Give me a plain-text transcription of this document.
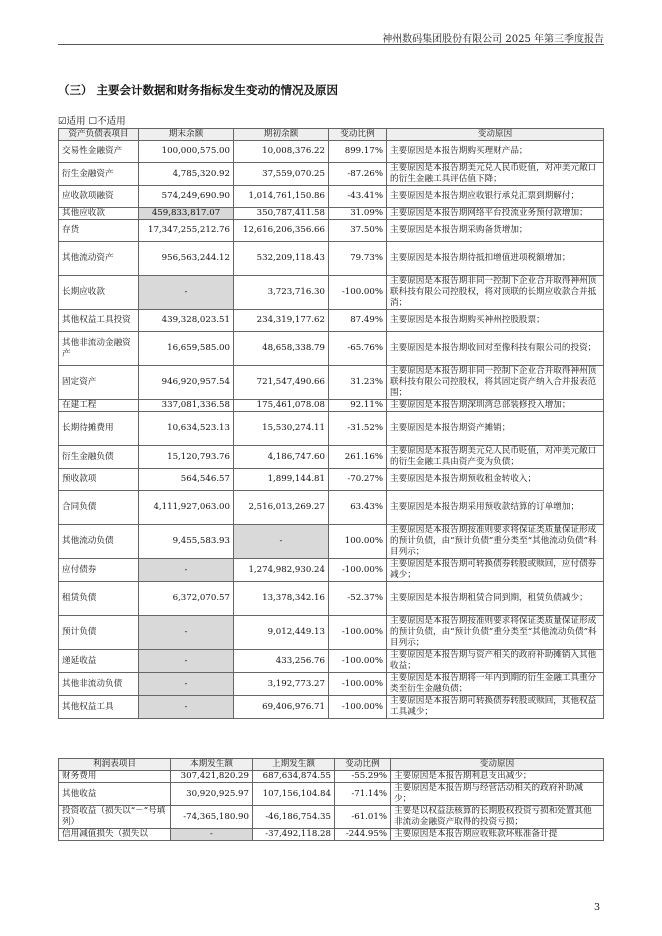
神州数码集团股份有限公司 2025 年第三季度报告
（三） 主要会计数据和财务指标发生变动的情况及原因
☑适用 ☐不适用
资产负债表项目	期末余额	期初余额	变动比例	变动原因
交易性金融资产	100,000,575.00	10,008,376.22	899.17%	主要原因是本报告期购买理财产品；
衍生金融资产	4,785,320.92	37,559,070.25	-87.26%	主要原因是本报告期美元兑人民币贬值，对冲美元敞口的衍生金融工具评估值下降；
应收款项融资	574,249,690.90	1,014,761,150.86	-43.41%	主要原因是本报告期应收银行承兑汇票到期解付；
其他应收款	459,833,817.07	350,787,411.58	31.09%	主要原因是本报告期网络平台投流业务预付款增加；
存货	17,347,255,212.76	12,616,206,356.66	37.50%	主要原因是本报告期采购备货增加；
其他流动资产	956,563,244.12	532,209,118.43	79.73%	主要原因是本报告期待抵扣增值进项税额增加；
长期应收款	-	3,723,716.30	-100.00%	主要原因是本报告期非同一控制下企业合并取得神州顶联科技有限公司控股权，将对顶联的长期应收款合并抵消；
其他权益工具投资	439,328,023.51	234,319,177.62	87.49%	主要原因是本报告期购买神州控股股票；
其他非流动金融资产	16,659,585.00	48,658,338.79	-65.76%	主要原因是本报告期收回对至像科技有限公司的投资；
固定资产	946,920,957.54	721,547,490.66	31.23%	主要原因是本报告期非同一控制下企业合并取得神州顶联科技有限公司控股权，将其固定资产纳入合并报表范围；
在建工程	337,081,336.58	175,461,078.08	92.11%	主要原因是本报告期深圳湾总部装修投入增加；
长期待摊费用	10,634,523.13	15,530,274.11	-31.52%	主要原因是本报告期资产摊销；
衍生金融负债	15,120,793.76	4,186,747.60	261.16%	主要原因是本报告期美元兑人民币贬值，对冲美元敞口的衍生金融工具由资产变为负债；
预收款项	564,546.57	1,899,144.81	-70.27%	主要原因是本报告期预收租金转收入；
合同负债	4,111,927,063.00	2,516,013,269.27	63.43%	主要原因是本报告期采用预收款结算的订单增加；
其他流动负债	9,455,583.93	-	100.00%	主要原因是本报告期按准则要求将保证类质量保证形成的预计负债，由“预计负债”重分类至“其他流动负债”科目列示；
应付债券	-	1,274,982,930.24	-100.00%	主要原因是本报告期可转换债券转股或赎回，应付债券减少；
租赁负债	6,372,070.57	13,378,342.16	-52.37%	主要原因是本报告期租赁合同到期，租赁负债减少；
预计负债	-	9,012,449.13	-100.00%	主要原因是本报告期按准则要求将保证类质量保证形成的预计负债，由“预计负债”重分类至“其他流动负债”科目列示；
递延收益	-	433,256.76	-100.00%	主要原因是本报告期与资产相关的政府补助摊销入其他收益；
其他非流动负债	-	3,192,773.27	-100.00%	主要原因是本报告期将一年内到期的衍生金融工具重分类至衍生金融负债；
其他权益工具	-	69,406,976.71	-100.00%	主要原因是本报告期可转换债券转股或赎回，其他权益工具减少；
利润表项目	本期发生额	上期发生额	变动比例	变动原因
财务费用	307,421,820.29	687,634,874.55	-55.29%	主要原因是本报告期利息支出减少；
其他收益	30,920,925.97	107,156,104.84	-71.14%	主要原因是本报告期与经营活动相关的政府补助减少；
投资收益（损失以“－”号填列）	-74,365,180.90	-46,186,754.35	-61.01%	主要是以权益法核算的长期股权投资亏损和处置其他非流动金融资产取得的投资亏损；
信用减值损失（损失以	-	-37,492,118.28	-244.95%	主要原因是本报告期应收账款坏账准备计提
3
